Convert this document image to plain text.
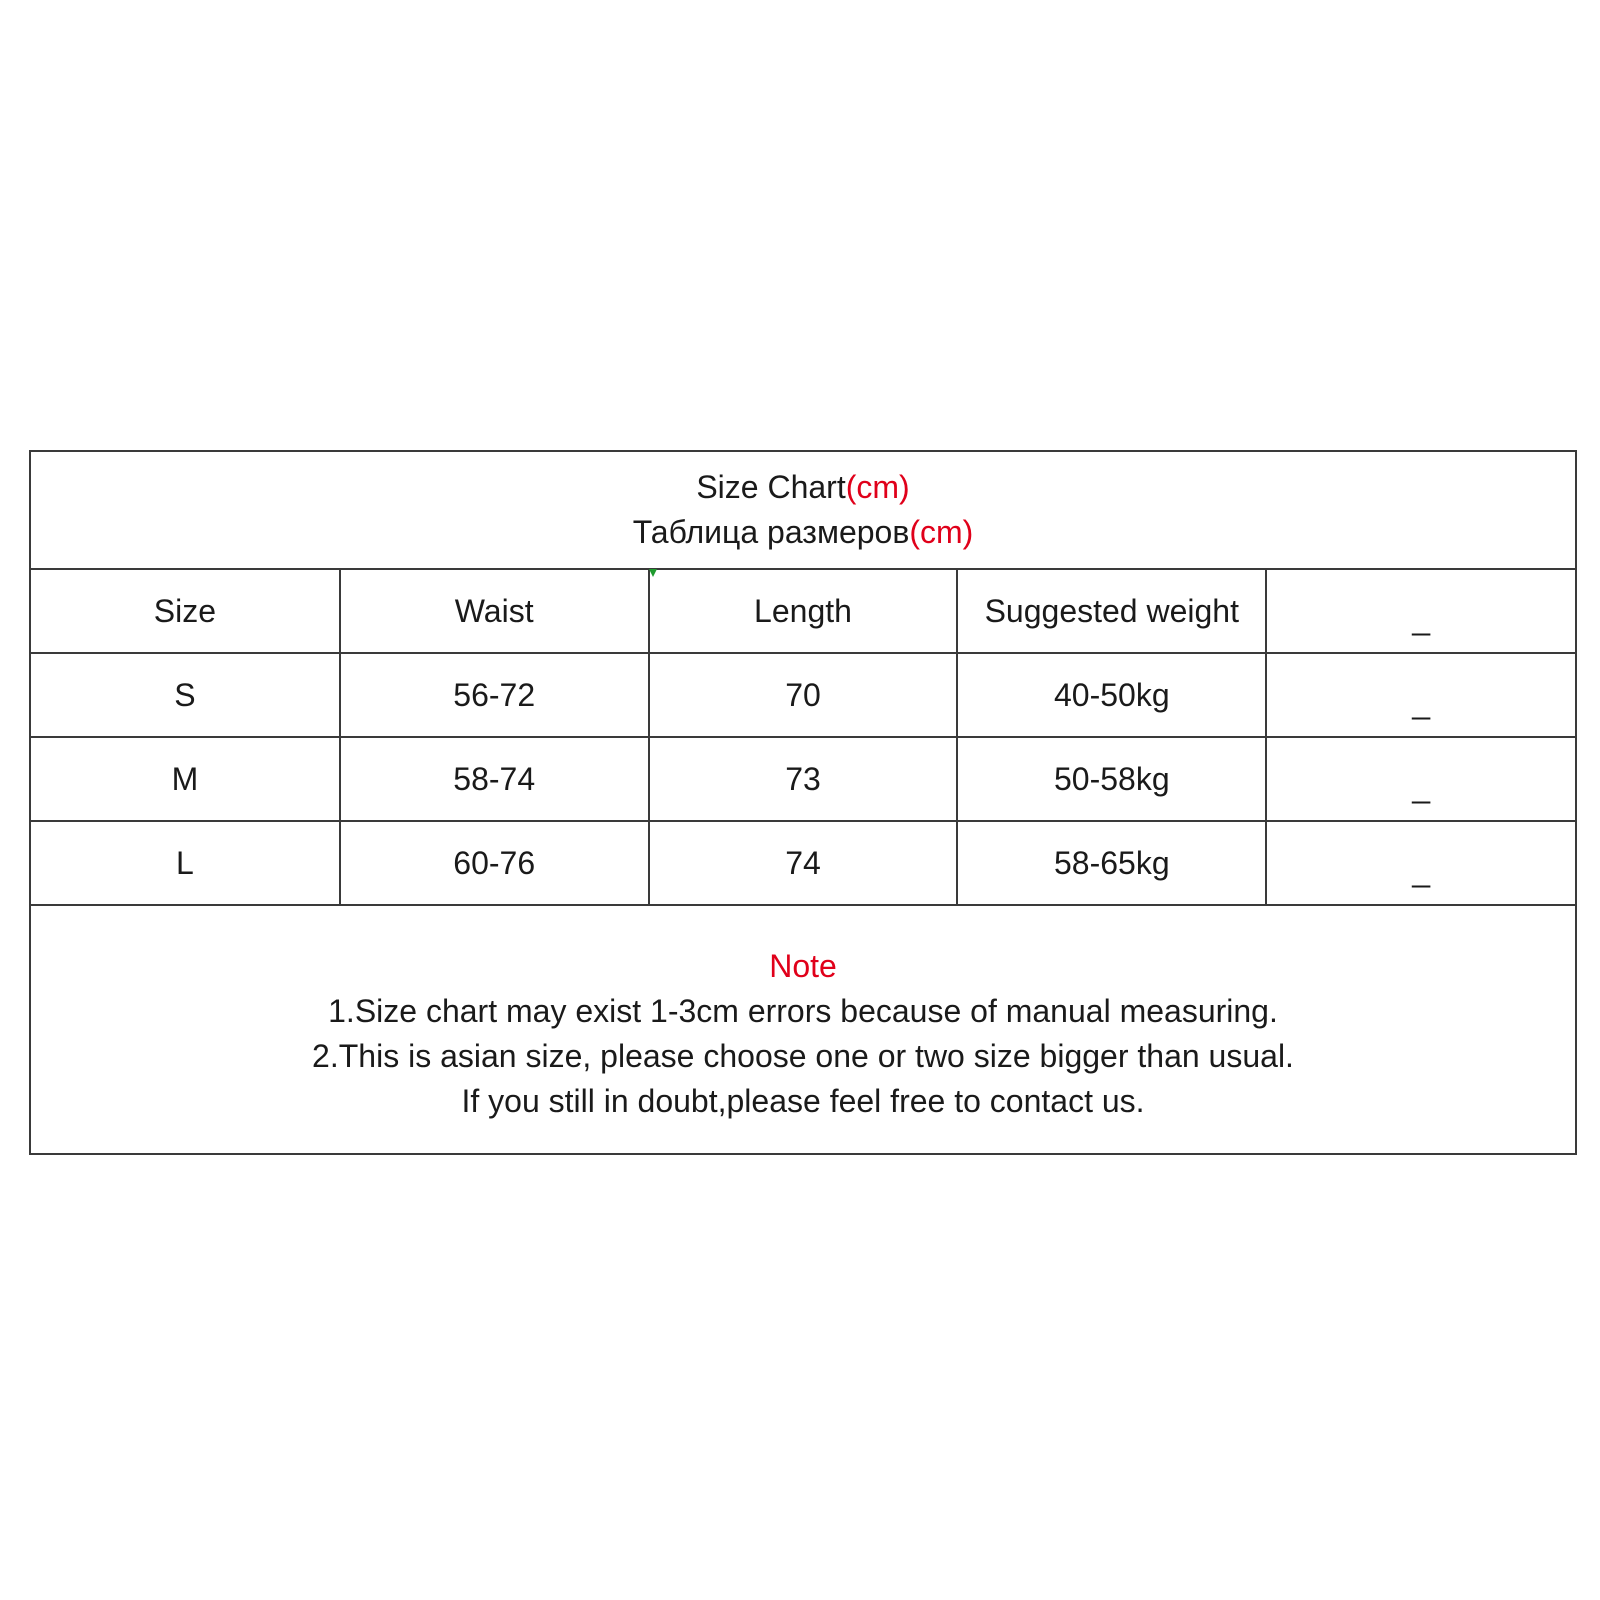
Size Chart(cm)
Таблица размеров(cm)
Size	Waist	Length	Suggested weight	_
S	56-72	70	40-50kg	_
M	58-74	73	50-58kg	_
L	60-76	74	58-65kg	_
Note
1.Size chart may exist 1-3cm errors because of manual measuring.
2.This is asian size, please choose one or two size bigger than usual.
If you still in doubt,please feel free to contact us.
